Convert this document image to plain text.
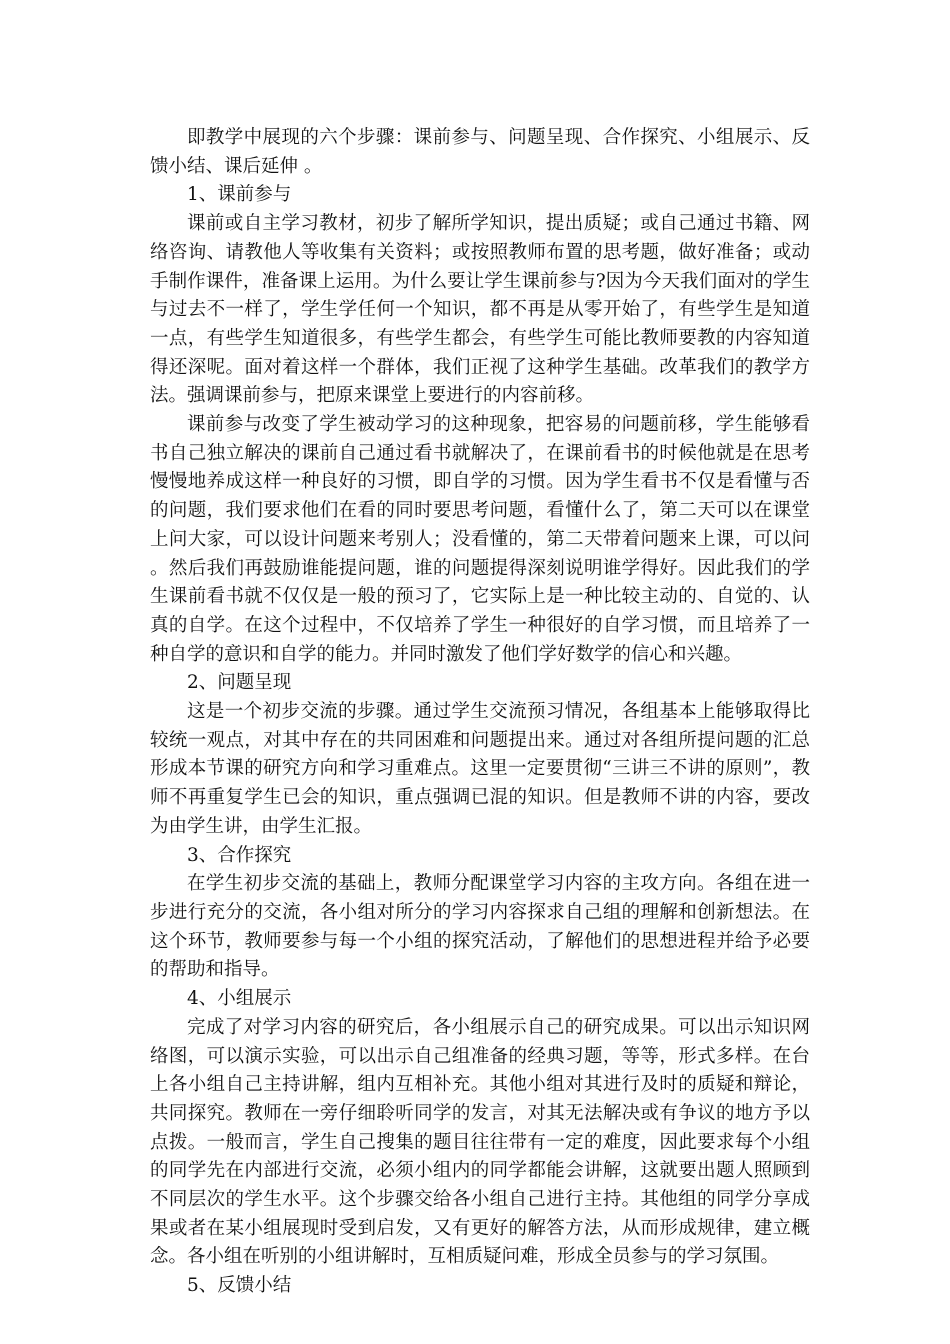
即教学中展现的六个步骤：课前参与、问题呈现、合作探究、小组展示、反馈小结、课后延伸 。

1、课前参与

课前或自主学习教材，初步了解所学知识，提出质疑；或自己通过书籍、网络咨询、请教他人等收集有关资料；或按照教师布置的思考题，做好准备；或动手制作课件，准备课上运用。为什么要让学生课前参与?因为今天我们面对的学生与过去不一样了，学生学任何一个知识，都不再是从零开始了，有些学生是知道一点，有些学生知道很多，有些学生都会，有些学生可能比教师要教的内容知道得还深呢。面对着这样一个群体，我们正视了这种学生基础。改革我们的教学方法。强调课前参与，把原来课堂上要进行的内容前移。

课前参与改变了学生被动学习的这种现象，把容易的问题前移，学生能够看书自己独立解决的课前自己通过看书就解决了，在课前看书的时候他就是在思考慢慢地养成这样一种良好的习惯，即自学的习惯。因为学生看书不仅是看懂与否的问题，我们要求他们在看的同时要思考问题，看懂什么了，第二天可以在课堂上问大家，可以设计问题来考别人；没看懂的，第二天带着问题来上课，可以问。然后我们再鼓励谁能提问题，谁的问题提得深刻说明谁学得好。因此我们的学生课前看书就不仅仅是一般的预习了，它实际上是一种比较主动的、自觉的、认真的自学。在这个过程中，不仅培养了学生一种很好的自学习惯，而且培养了一种自学的意识和自学的能力。并同时激发了他们学好数学的信心和兴趣。

2、问题呈现

这是一个初步交流的步骤。通过学生交流预习情况，各组基本上能够取得比较统一观点，对其中存在的共同困难和问题提出来。通过对各组所提问题的汇总形成本节课的研究方向和学习重难点。这里一定要贯彻“三讲三不讲的原则”，教师不再重复学生已会的知识，重点强调已混的知识。但是教师不讲的内容，要改为由学生讲，由学生汇报。

3、合作探究

在学生初步交流的基础上，教师分配课堂学习内容的主攻方向。各组在进一步进行充分的交流，各小组对所分的学习内容探求自己组的理解和创新想法。在这个环节，教师要参与每一个小组的探究活动，了解他们的思想进程并给予必要的帮助和指导。

4、小组展示

完成了对学习内容的研究后，各小组展示自己的研究成果。可以出示知识网络图，可以演示实验，可以出示自己组准备的经典习题，等等，形式多样。在台上各小组自己主持讲解，组内互相补充。其他小组对其进行及时的质疑和辩论，共同探究。教师在一旁仔细聆听同学的发言，对其无法解决或有争议的地方予以点拨。一般而言，学生自己搜集的题目往往带有一定的难度，因此要求每个小组的同学先在内部进行交流，必须小组内的同学都能会讲解，这就要出题人照顾到不同层次的学生水平。这个步骤交给各小组自己进行主持。其他组的同学分享成果或者在某小组展现时受到启发，又有更好的解答方法，从而形成规律，建立概念。各小组在听别的小组讲解时，互相质疑问难，形成全员参与的学习氛围。

5、反馈小结
